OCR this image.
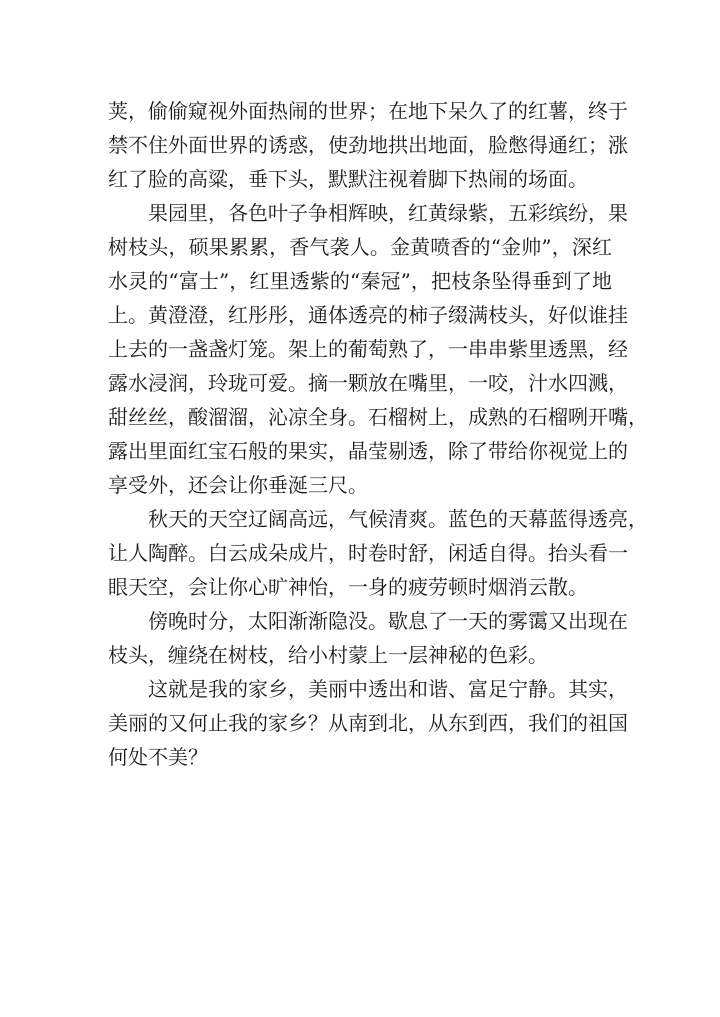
荚，偷偷窥视外面热闹的世界；在地下呆久了的红薯，终于
禁不住外面世界的诱惑，使劲地拱出地面，脸憋得通红；涨
红了脸的高粱，垂下头，默默注视着脚下热闹的场面。
果园里，各色叶子争相辉映，红黄绿紫，五彩缤纷，果
树枝头，硕果累累，香气袭人。金黄喷香的“金帅”，深红
水灵的“富士”，红里透紫的“秦冠”，把枝条坠得垂到了地
上。黄澄澄，红彤彤，通体透亮的柿子缀满枝头，好似谁挂
上去的一盏盏灯笼。架上的葡萄熟了，一串串紫里透黑，经
露水浸润，玲珑可爱。摘一颗放在嘴里，一咬，汁水四溅，
甜丝丝，酸溜溜，沁凉全身。石榴树上，成熟的石榴咧开嘴，
露出里面红宝石般的果实，晶莹剔透，除了带给你视觉上的
享受外，还会让你垂涎三尺。
秋天的天空辽阔高远，气候清爽。蓝色的天幕蓝得透亮，
让人陶醉。白云成朵成片，时卷时舒，闲适自得。抬头看一
眼天空，会让你心旷神怡，一身的疲劳顿时烟消云散。
傍晚时分，太阳渐渐隐没。歇息了一天的雾霭又出现在
枝头，缠绕在树枝，给小村蒙上一层神秘的色彩。
这就是我的家乡，美丽中透出和谐、富足宁静。其实，
美丽的又何止我的家乡？从南到北，从东到西，我们的祖国
何处不美？
